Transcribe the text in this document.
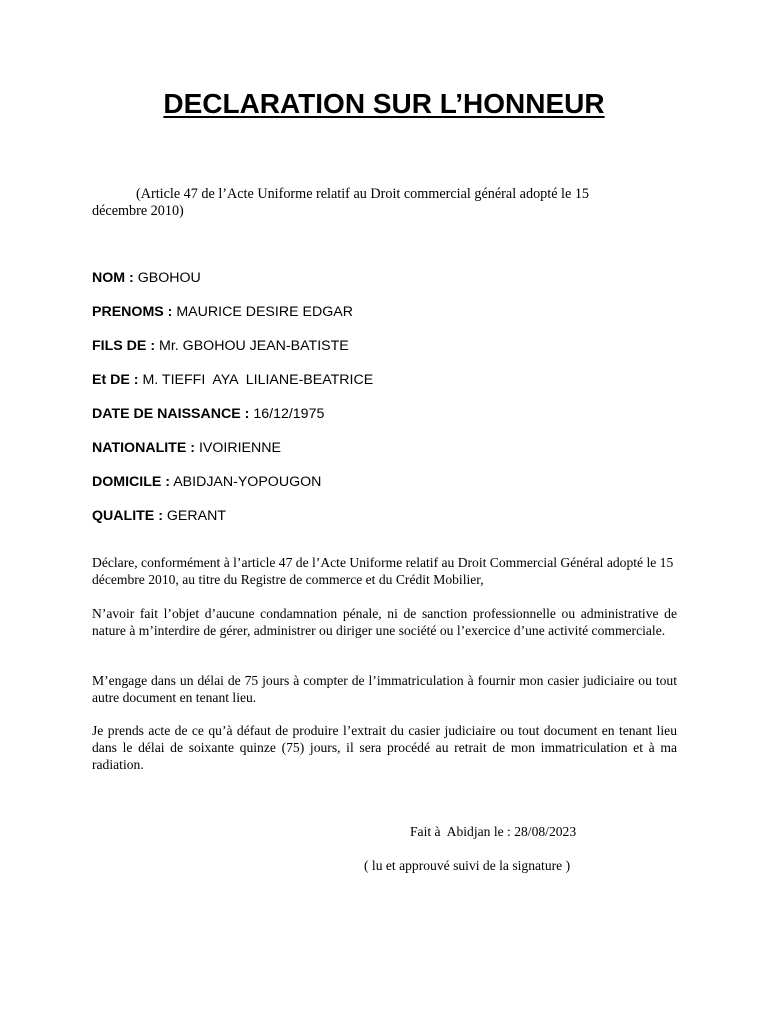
DECLARATION SUR L’HONNEUR
(Article 47 de l’Acte Uniforme relatif au Droit commercial général adopté le 15 décembre 2010)
NOM : GBOHOU
PRENOMS : MAURICE DESIRE EDGAR
FILS DE : Mr. GBOHOU JEAN-BATISTE
Et DE : M. TIEFFI  AYA  LILIANE-BEATRICE
DATE DE NAISSANCE : 16/12/1975
NATIONALITE : IVOIRIENNE
DOMICILE : ABIDJAN-YOPOUGON
QUALITE : GERANT

Déclare, conformément à l’article 47 de l’Acte Uniforme relatif au Droit Commercial Général adopté le 15 décembre 2010, au titre du Registre de commerce et du Crédit Mobilier,

N’avoir fait l’objet d’aucune condamnation pénale, ni de sanction professionnelle ou administrative de nature à m’interdire de gérer, administrer ou diriger une société ou l’exercice d’une activité commerciale.

M’engage dans un délai de 75 jours à compter de l’immatriculation à fournir mon casier judiciaire ou tout autre document en tenant lieu.

Je prends acte de ce qu’à défaut de produire l’extrait du casier judiciaire ou tout document en tenant lieu dans le délai de soixante quinze (75) jours, il sera procédé au retrait de mon immatriculation et à ma radiation.

Fait à  Abidjan le : 28/08/2023
( lu et approuvé suivi de la signature )
